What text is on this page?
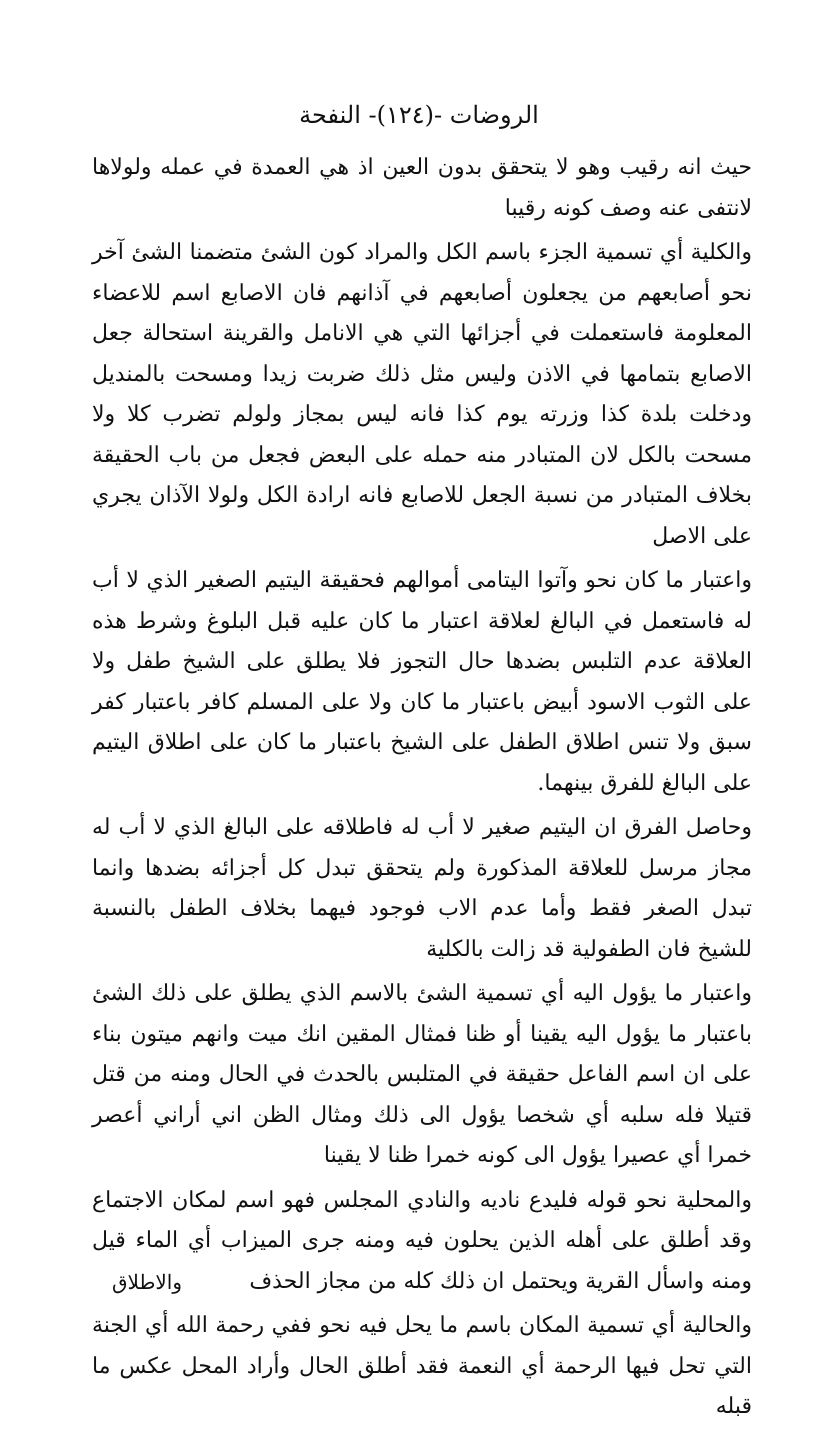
الروضات -(١٢٤)- النفحة

حيث انه رقيب وهو لا يتحقق بدون العين اذ هي العمدة في عمله ولولاها لانتفى عنه وصف كونه رقيبا

والكلية أي تسمية الجزء باسم الكل والمراد كون الشئ متضمنا الشئ آخر نحو أصابعهم من يجعلون أصابعهم في آذانهم فان الاصابع اسم للاعضاء المعلومة فاستعملت في أجزائها التي هي الانامل والقرينة استحالة جعل الاصابع بتمامها في الاذن وليس مثل ذلك ضربت زيدا ومسحت بالمنديل ودخلت بلدة كذا وزرته يوم كذا فانه ليس بمجاز ولولم تضرب كلا ولا مسحت بالكل لان المتبادر منه حمله على البعض فجعل من باب الحقيقة بخلاف المتبادر من نسبة الجعل للاصابع فانه ارادة الكل ولولا الآذان يجري على الاصل

واعتبار ما كان نحو وآتوا اليتامى أموالهم فحقيقة اليتيم الصغير الذي لا أب له فاستعمل في البالغ لعلاقة اعتبار ما كان عليه قبل البلوغ وشرط هذه العلاقة عدم التلبس بضدها حال التجوز فلا يطلق على الشيخ طفل ولا على الثوب الاسود أبيض باعتبار ما كان ولا على المسلم كافر باعتبار كفر سبق ولا تنس اطلاق الطفل على الشيخ باعتبار ما كان على اطلاق اليتيم على البالغ للفرق بينهما.

وحاصل الفرق ان اليتيم صغير لا أب له فاطلاقه على البالغ الذي لا أب له مجاز مرسل للعلاقة المذكورة ولم يتحقق تبدل كل أجزائه بضدها وانما تبدل الصغر فقط وأما عدم الاب فوجود فيهما بخلاف الطفل بالنسبة للشيخ فان الطفولية قد زالت بالكلية

واعتبار ما يؤول اليه أي تسمية الشئ بالاسم الذي يطلق على ذلك الشئ باعتبار ما يؤول اليه يقينا أو ظنا فمثال المقين انك ميت وانهم ميتون بناء على ان اسم الفاعل حقيقة في المتلبس بالحدث في الحال ومنه من قتل قتيلا فله سلبه أي شخصا يؤول الى ذلك ومثال الظن اني أراني أعصر خمرا أي عصيرا يؤول الى كونه خمرا ظنا لا يقينا

والمحلية نحو قوله فليدع ناديه والنادي المجلس فهو اسم لمكان الاجتماع وقد أطلق على أهله الذين يحلون فيه ومنه جرى الميزاب أي الماء قيل ومنه واسأل القرية ويحتمل ان ذلك كله من مجاز الحذف

والحالية أي تسمية المكان باسم ما يحل فيه نحو ففي رحمة الله أي الجنة التي تحل فيها الرحمة أي النعمة فقد أطلق الحال وأراد المحل عكس ما قبله

والاطلاق
